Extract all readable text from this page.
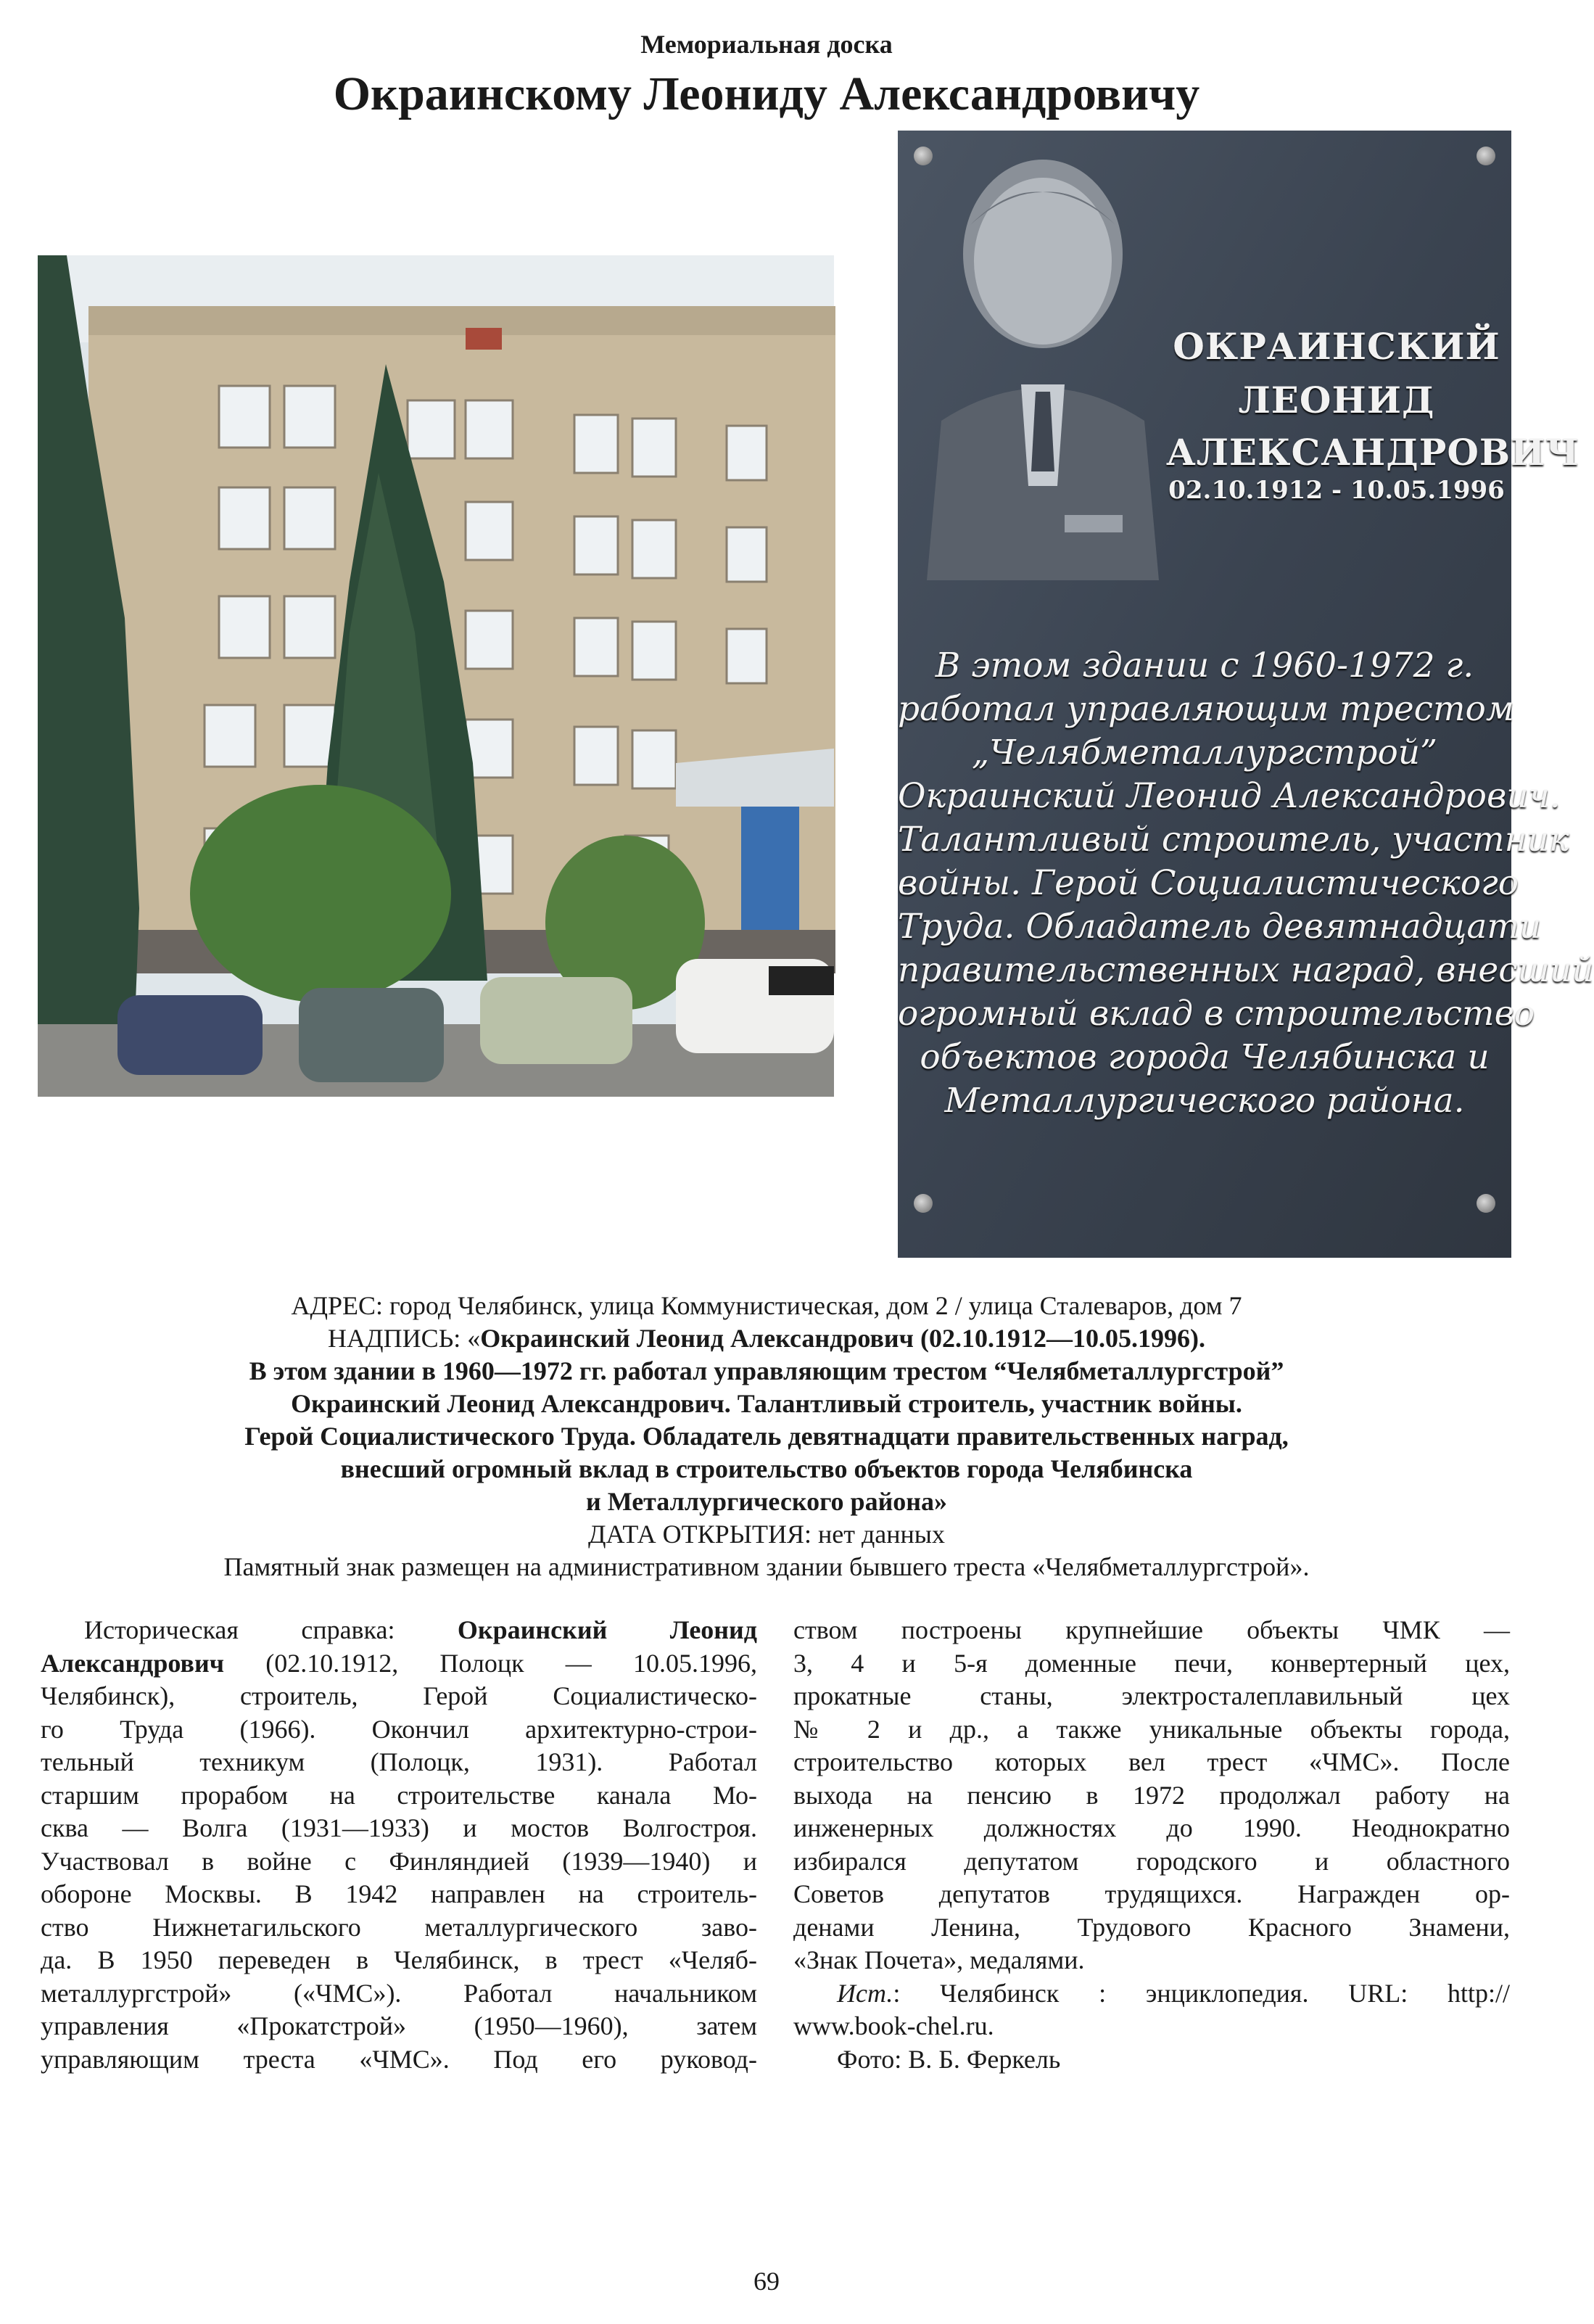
Мемориальная доска
Окраинскому Леониду Александровичу
ОКРАИНСКИЙ
ЛЕОНИД
АЛЕКСАНДРОВИЧ
02.10.1912 - 10.05.1996
В этом здании с 1960-1972 г.
работал управляющим трестом
„Челябметаллургстрой”
Окраинский Леонид Александрович.
Талантливый строитель, участник
войны. Герой Социалистического
Труда. Обладатель девятнадцати
правительственных наград, внесший
огромный вклад в строительство
объектов города Челябинска и
Металлургического района.
АДРЕС: город Челябинск, улица Коммунистическая, дом 2 / улица Сталеваров, дом 7
НАДПИСЬ: «Окраинский Леонид Александрович (02.10.1912—10.05.1996).
В этом здании в 1960—1972 гг. работал управляющим трестом “Челябметаллургстрой”
Окраинский Леонид Александрович. Талантливый строитель, участник войны.
Герой Социалистического Труда. Обладатель девятнадцати правительственных наград,
внесший огромный вклад в строительство объектов города Челябинска
и Металлургического района»
ДАТА ОТКРЫТИЯ: нет данных
Памятный знак размещен на административном здании бывшего треста «Челябметаллургстрой».
Историческая справка: Окраинский Леонид
Александрович (02.10.1912, Полоцк — 10.05.1996,
Челябинск), строитель, Герой Социалистическо-
го Труда (1966). Окончил архитектурно-строи-
тельный техникум (Полоцк, 1931). Работал
старшим прорабом на строительстве канала Мо-
сква — Волга (1931—1933) и мостов Волгостроя.
Участвовал в войне с Финляндией (1939—1940) и
обороне Москвы. В 1942 направлен на строитель-
ство Нижнетагильского металлургического заво-
да. В 1950 переведен в Челябинск, в трест «Челяб-
металлургстрой» («ЧМС»). Работал начальником
управления «Прокатстрой» (1950—1960), затем
управляющим треста «ЧМС». Под его руковод-
ством построены крупнейшие объекты ЧМК —
3, 4 и 5-я доменные печи, конвертерный цех,
прокатные станы, электросталеплавильный цех
№ 2 и др., а также уникальные объекты города,
строительство которых вел трест «ЧМС». После
выхода на пенсию в 1972 продолжал работу на
инженерных должностях до 1990. Неоднократно
избирался депутатом городского и областного
Советов депутатов трудящихся. Награжден ор-
денами Ленина, Трудового Красного Знамени,
«Знак Почета», медалями.
Ист.: Челябинск : энциклопедия. URL: http://
www.book-chel.ru.
Фото: В. Б. Феркель
69
